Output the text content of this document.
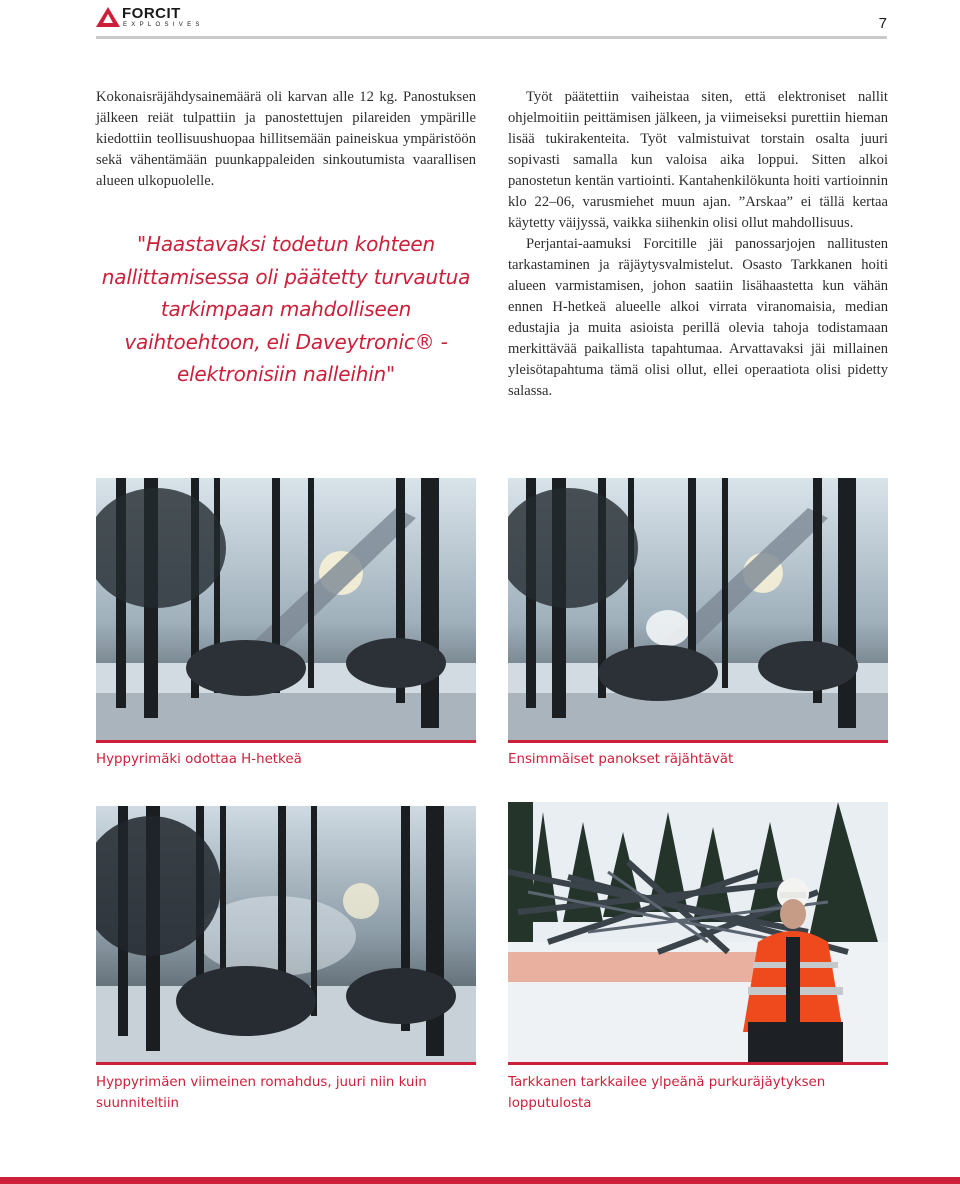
FORCIT
EXPLOSIVES	7

Kokonaisräjähdysainemäärä oli karvan alle 12 kg. Panostuksen jälkeen reiät tulpattiin ja panostettujen pilareiden ympärille kiedottiin teollisuushuopaa hillitsemään paineiskua ympäristöön sekä vähentämään puunkappaleiden sinkoutumista vaarallisen alueen ulkopuolelle.

"Haastavaksi todetun kohteen nallittamisessa oli päätetty turvautua tarkimpaan mahdolliseen vaihtoehtoon, eli Daveytronic® -elektronisiin nalleihin"

Työt päätettiin vaiheistaa siten, että elektroniset nallit ohjelmoitiin peittämisen jälkeen, ja viimeiseksi purettiin hieman lisää tukirakenteita. Työt valmistuivat torstain osalta juuri sopivasti samalla kun valoisa aika loppui. Sitten alkoi panostetun kentän vartiointi. Kantahenkilökunta hoiti vartioinnin klo 22–06, varusmiehet muun ajan. ”Arskaa” ei tällä kertaa käytetty väijyssä, vaikka siihenkin olisi ollut mahdollisuus.

Perjantai-aamuksi Forcitille jäi panossarjojen nallitusten tarkastaminen ja räjäytysvalmistelut. Osasto Tarkkanen hoiti alueen varmistamisen, johon saatiin lisähaastetta kun vähän ennen H-hetkeä alueelle alkoi virrata viranomaisia, median edustajia ja muita asioista perillä olevia tahoja todistamaan merkittävää paikallista tapahtumaa. Arvattavaksi jäi millainen yleisötapahtuma tämä olisi ollut, ellei operaatiota olisi pidetty salassa.

Hyppyrimäki odottaa H-hetkeä	Ensimmäiset panokset räjähtävät
Hyppyrimäen viimeinen romahdus, juuri niin kuin suunniteltiin
Tarkkanen tarkkailee ylpeänä purkuräjäytyksen lopputulosta
